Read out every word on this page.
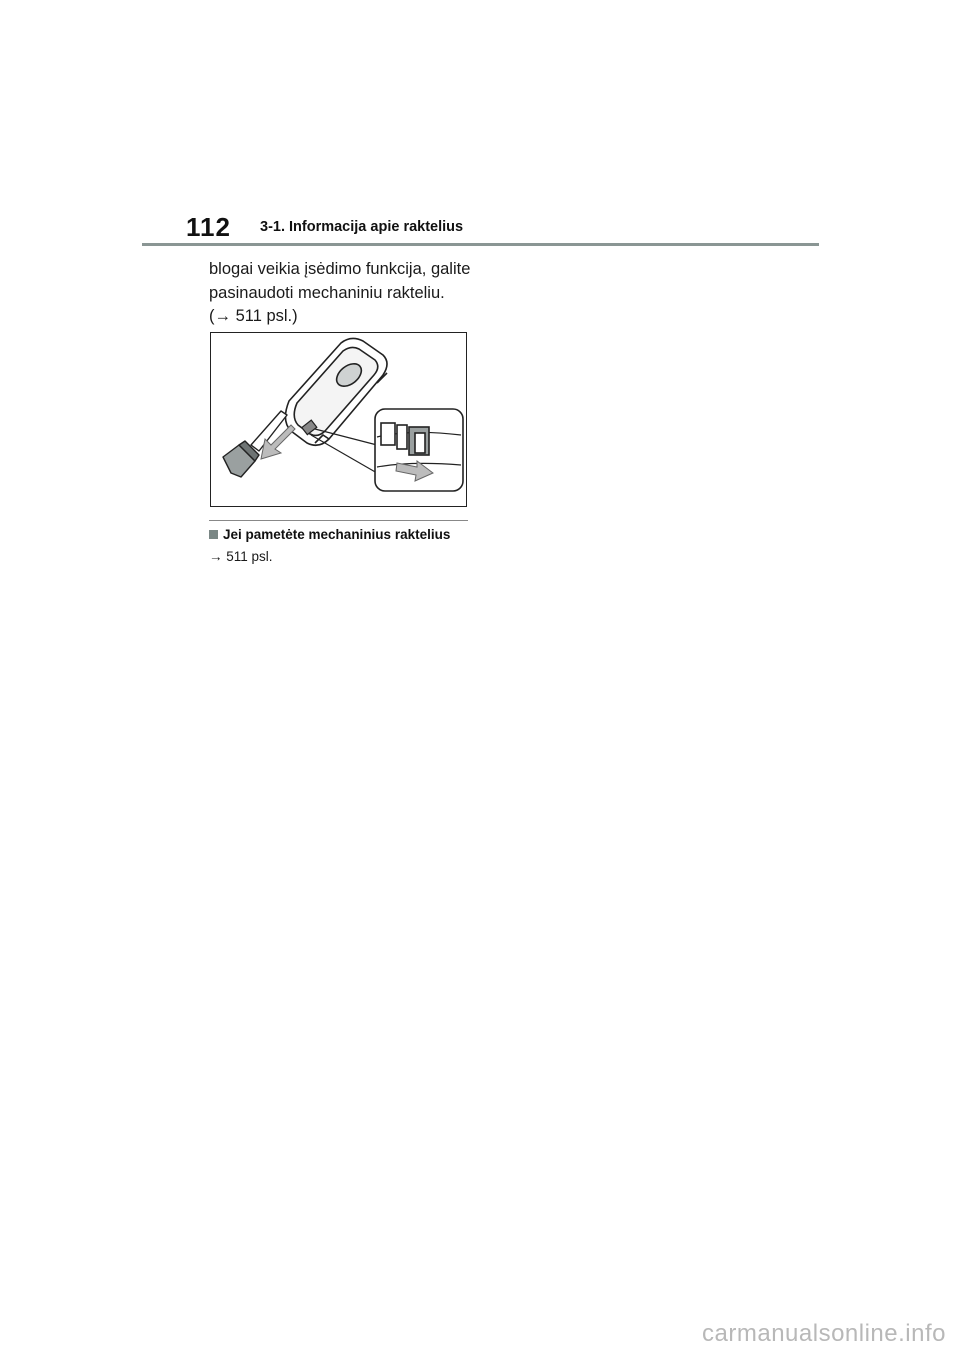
112 3-1. Informacija apie raktelius

blogai veikia įsėdimo funkcija, galite

pasinaudoti mechaniniu rakteliu.

(→ 511 psl.)

Jei pametėte mechaninius raktelius
→ 511 psl.
carmanualsonline.info
